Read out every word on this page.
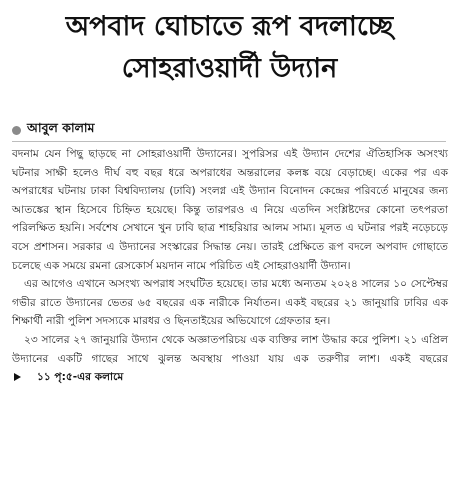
অপবাদ ঘোচাতে রূপ বদলাচ্ছে
সোহরাওয়ার্দী উদ্যান
আবুল কালাম

বদনাম যেন পিছু ছাড়ছে না সোহরাওয়ার্দী উদ্যানের। সুপরিসর এই উদ্যান দেশের ঐতিহাসিক অসংখ্য ঘটনার সাক্ষী হলেও দীর্ঘ বহু বছর ধরে অপরাধের অন্তরালের কলঙ্ক বয়ে বেড়াচ্ছে। একের পর এক অপরাধের ঘটনায় ঢাকা বিশ্ববিদ্যালয় (ঢাবি) সংলগ্ন এই উদ্যান বিনোদন কেন্দ্রের পরিবর্তে মানুষের জন্য আতঙ্কের স্থান হিসেবে চিহ্নিত হয়েছে। কিন্তু তারপরও এ নিয়ে এতদিন সংশ্লিষ্টদের কোনো তৎপরতা পরিলক্ষিত হয়নি। সর্বশেষ সেখানে খুন ঢাবি ছাত্র শাহরিয়ার আলম সাম্য। মূলত এ ঘটনার পরই নড়েচড়ে বসে প্রশাসন। সরকার এ উদ্যানের সংস্কারের সিদ্ধান্ত নেয়। তারই প্রেক্ষিতে রূপ বদলে অপবাদ গোছাতে চলেছে এক সময়ে রমনা রেসকোর্স ময়দান নামে পরিচিত এই সোহরাওয়ার্দী উদ্যান।

এর আগেও এখানে অসংখ্য অপরাধ সংঘটিত হয়েছে। তার মধ্যে অন্যতম ২০২৪ সালের ১০ সেপ্টেম্বর গভীর রাতে উদ্যানের ভেতর ৬৫ বছরের এক নারীকে নির্যাতন। একই বছরের ২১ জানুয়ারি ঢাবির এক শিক্ষার্থী নারী পুলিশ সদস্যকে মারধর ও ছিনতাইয়ের অভিযোগে গ্রেফতার হন।

২৩ সালের ২৭ জানুয়ারি উদ্যান থেকে অজ্ঞাতপরিচয় এক ব্যক্তির লাশ উদ্ধার করে পুলিশ। ২১ এপ্রিল উদ্যানের একটি গাছের সাথে ঝুলন্ত অবস্থায় পাওয়া যায় এক তরুণীর লাশ। একই বছরের
১১ পৃ:৫-এর কলামে
